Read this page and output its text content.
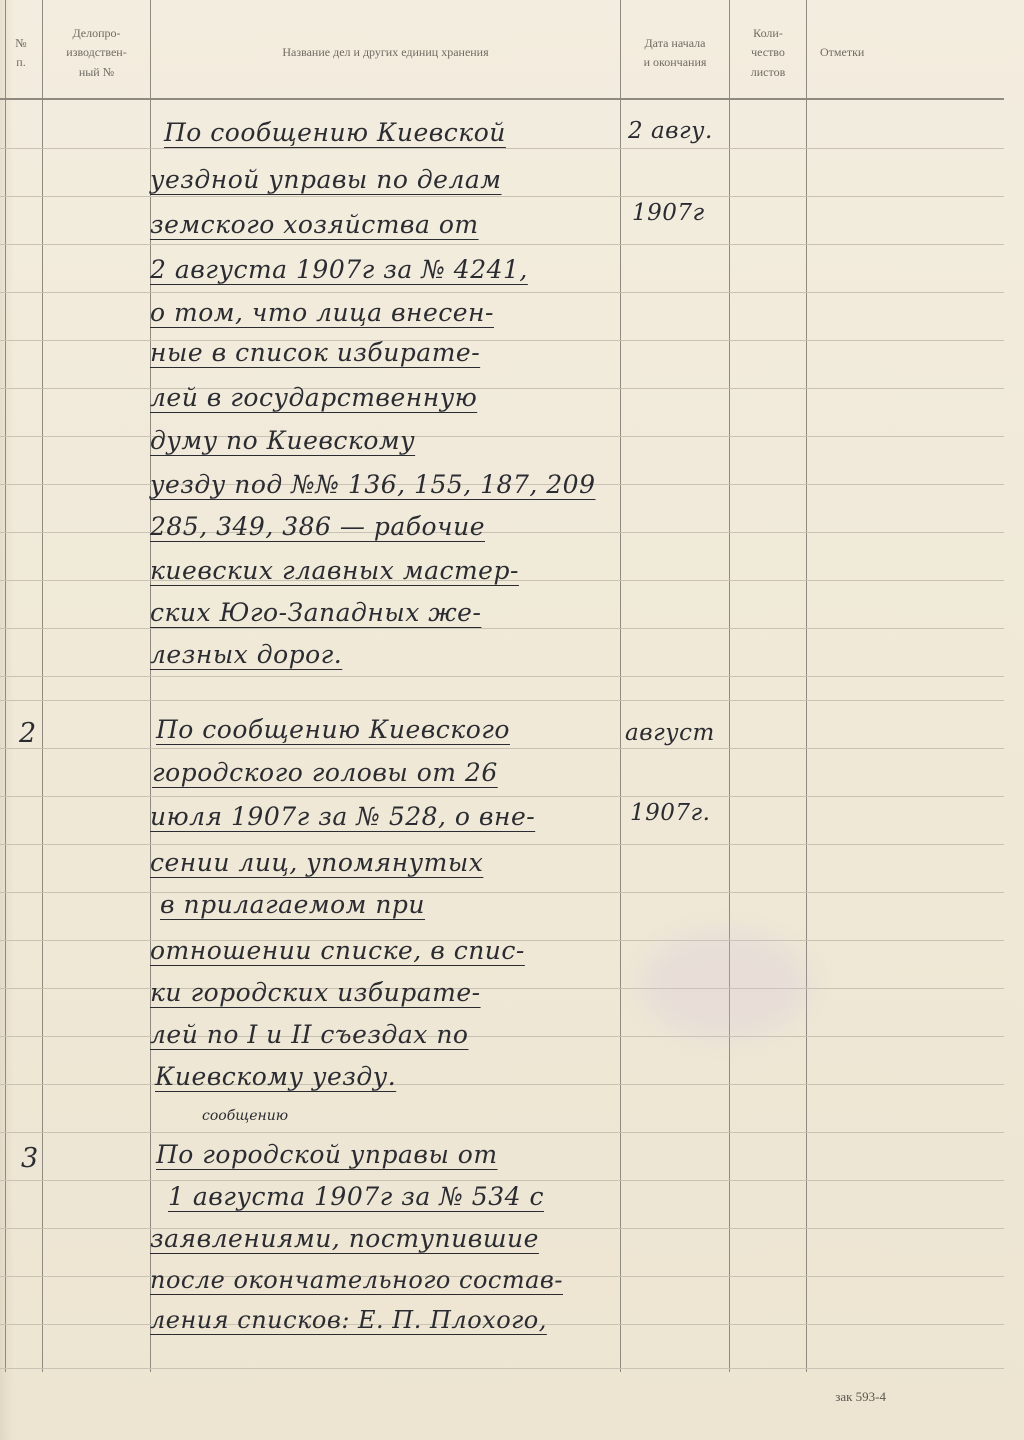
№
п.
Делопро-
изводствен-
ный №
Название дел и других единиц хранения
Дата начала
и окончания
Коли-
чество
листов
Отметки
По сообщению Киевской
уездной управы по делам
земского хозяйства от
2 августа 1907г за № 4241,
о том, что лица внесен-
ные в список избирате-
лей в государственную
думу по Киевскому
уезду под №№ 136, 155, 187, 209
285, 349, 386 — рабочие
киевских главных мастер-
ских Юго-Западных же-
лезных дорог.
2 авгу.
1907г
2	По сообщению Киевского
городского головы от 26
июля 1907г за № 528, о вне-
сении лиц, упомянутых
в прилагаемом при
отношении списке, в спис-
ки городских избирате-
лей по I и II съездах по
Киевскому уезду.
август
1907г.
сообщению
3	По городской управы от
1 августа 1907г за № 534 с
заявлениями, поступившие
после окончательного состав-
ления списков: Е. П. Плохого,
зак 593-4
